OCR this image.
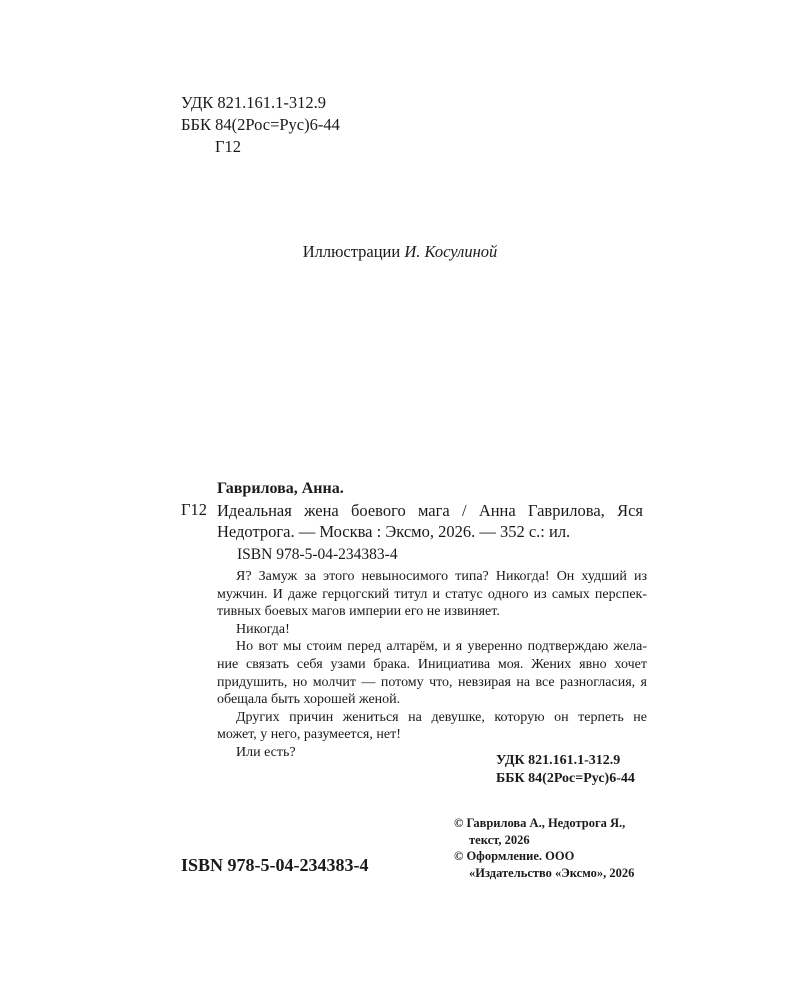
УДК 821.161.1-312.9
ББК 84(2Рос=Рус)6-44
Г12
Иллюстрации И. Косулиной
Гаврилова, Анна.
Г12 Идеальная жена боевого мага / Анна Гаврилова, Яся
Недотрога. — Москва : Эксмо, 2026. — 352 с.: ил.
ISBN 978-5-04-234383-4
Я? Замуж за этого невыносимого типа? Никогда! Он худший из
мужчин. И даже герцогский титул и статус одного из самых перспек-
тивных боевых магов империи его не извиняет.
Никогда!
Но вот мы стоим перед алтарём, и я уверенно подтверждаю жела-
ние связать себя узами брака. Инициатива моя. Жених явно хочет
придушить, но молчит — потому что, невзирая на все разногласия, я
обещала быть хорошей женой.
Других причин жениться на девушке, которую он терпеть не
может, у него, разумеется, нет!
Или есть?
УДК 821.161.1-312.9
ББК 84(2Рос=Рус)6-44
© Гаврилова А., Недотрога Я.,
текст, 2026
© Оформление. ООО
«Издательство «Эксмо», 2026
ISBN 978-5-04-234383-4
